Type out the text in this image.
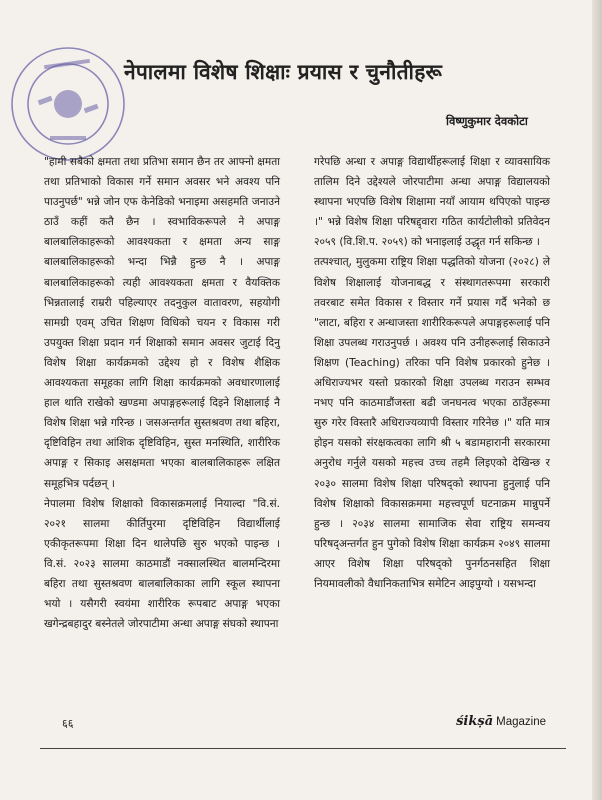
नेपालमा विशेष शिक्षाः प्रयास र चुनौतीहरू
विष्णुकुमार देवकोटा

"हामी सबैको क्षमता तथा प्रतिभा समान छैन तर आफ्नो क्षमता तथा प्रतिभाको विकास गर्ने समान अवसर भने अवश्य पनि पाउनुपर्छ" भन्ने जोन एफ केनेडिको भनाइमा असहमति जनाउने ठाउँ कहीं कतै छैन । स्वभाविकरूपले ने अपाङ्ग बालबालिकाहरूको आवश्यकता र क्षमता अन्य साङ्ग बालबालिकाहरूको भन्दा भिन्नै हुन्छ नै । अपाङ्ग बालबालिकाहरूको त्यही आवश्यकता क्षमता र वैयक्तिक भिन्नतालाई राम्ररी पहिल्याएर तदनुकुल वातावरण, सहयोगी सामग्री एवम् उचित शिक्षण विधिको चयन र विकास गरी उपयुक्त शिक्षा प्रदान गर्न शिक्षाको समान अवसर जुटाई दिनु विशेष शिक्षा कार्यक्रमको उद्देश्य हो र विशेष शैक्षिक आवश्यकता समूहका लागि शिक्षा कार्यक्रमको अवधारणालाई हाल थाति राखेको खण्डमा अपाङ्गहरूलाई दिइने शिक्षालाई नै विशेष शिक्षा भन्ने गरिन्छ । जसअन्तर्गत सुस्तश्रवण तथा बहिरा, दृष्टिविहिन तथा आंशिक दृष्टिविहिन, सुस्त मनस्थिति, शारीरिक अपाङ्ग र सिकाइ असक्षमता भएका बालबालिकाहरू लक्षित समूहभित्र पर्दछन् ।

नेपालमा विशेष शिक्षाको विकासक्रमलाई नियाल्दा "वि.सं. २०२१ सालमा कीर्तिपुरमा दृष्टिविहिन विद्यार्थीलाई एकीकृतरूपमा शिक्षा दिन थालेपछि सुरु भएको पाइन्छ । वि.सं. २०२३ सालमा काठमाडौं नक्सालस्थित बालमन्दिरमा बहिरा तथा सुस्तश्रवण बालबालिकाका लागि स्कूल स्थापना भयो । यसैगरी स्वयंमा शारीरिक रूपबाट अपाङ्ग भएका खगेन्द्रबहादुर बस्नेतले जोरपाटीमा अन्धा अपाङ्ग संघको स्थापना

गरेपछि अन्धा र अपाङ्ग विद्यार्थीहरूलाई शिक्षा र व्यावसायिक तालिम दिने उद्देश्यले जोरपाटीमा अन्धा अपाङ्ग विद्यालयको स्थापना भएपछि विशेष शिक्षामा नयाँ आयाम थपिएको पाइन्छ ।" भन्ने विशेष शिक्षा परिषद्द्वारा गठित कार्यटोलीको प्रतिवेदन २०५९ (वि.शि.प. २०५९) को भनाइलाई उद्धृत गर्न सकिन्छ ।

तत्पश्चात्, मुलुकमा राष्ट्रिय शिक्षा पद्धतिको योजना (२०२८) ले विशेष शिक्षालाई योजनाबद्ध र संस्थागतरूपमा सरकारी तवरबाट समेत विकास र विस्तार गर्ने प्रयास गर्दै भनेको छ "लाटा, बहिरा र अन्धाजस्ता शारीरिकरूपले अपाङ्गहरूलाई पनि शिक्षा उपलब्ध गराउनुपर्छ । अवश्य पनि उनीहरूलाई सिकाउने शिक्षण (Teaching) तरिका पनि विशेष प्रकारको हुनेछ । अधिराज्यभर यस्तो प्रकारको शिक्षा उपलब्ध गराउन सम्भव नभए पनि काठमाडौंजस्ता बढी जनघनत्व भएका ठाउँहरूमा सुरु गरेर विस्तारै अधिराज्यव्यापी विस्तार गरिनेछ ।" यति मात्र होइन यसको संरक्षकत्वका लागि श्री ५ बडामहारानी सरकारमा अनुरोध गर्नुले यसको महत्त्व उच्च तहमै लिइएको देखिन्छ र २०३० सालमा विशेष शिक्षा परिषद्को स्थापना हुनुलाई पनि विशेष शिक्षाको विकासक्रममा महत्त्वपूर्ण घटनाक्रम मान्नुपर्ने हुन्छ । २०३४ सालमा सामाजिक सेवा राष्ट्रिय समन्वय परिषद्अन्तर्गत हुन पुगेको विशेष शिक्षा कार्यक्रम २०४९ सालमा आएर विशेष शिक्षा परिषद्को पुनर्गठनसहित शिक्षा नियमावलीको वैधानिकताभित्र समेटिन आइपुग्यो । यसभन्दा

६६	śikṣā Magazine
